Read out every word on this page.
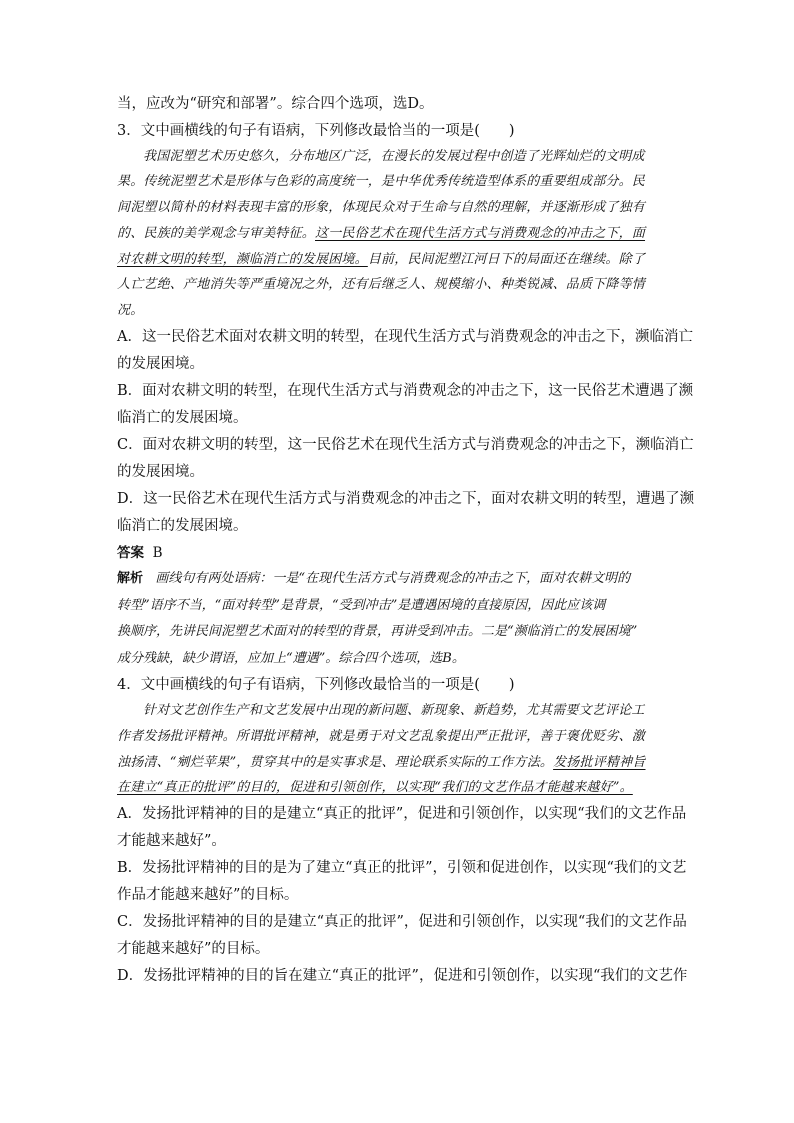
当，应改为“研究和部署”。综合四个选项，选D。
3．文中画横线的句子有语病，下列修改最恰当的一项是(　　)
我国泥塑艺术历史悠久，分布地区广泛，在漫长的发展过程中创造了光辉灿烂的文明成
果。传统泥塑艺术是形体与色彩的高度统一，是中华优秀传统造型体系的重要组成部分。民
间泥塑以简朴的材料表现丰富的形象，体现民众对于生命与自然的理解，并逐渐形成了独有
的、民族的美学观念与审美特征。这一民俗艺术在现代生活方式与消费观念的冲击之下，面
对农耕文明的转型，濒临消亡的发展困境。目前，民间泥塑江河日下的局面还在继续。除了
人亡艺绝、产地消失等严重境况之外，还有后继乏人、规模缩小、种类锐减、品质下降等情
况。
A．这一民俗艺术面对农耕文明的转型，在现代生活方式与消费观念的冲击之下，濒临消亡
的发展困境。
B．面对农耕文明的转型，在现代生活方式与消费观念的冲击之下，这一民俗艺术遭遇了濒
临消亡的发展困境。
C．面对农耕文明的转型，这一民俗艺术在现代生活方式与消费观念的冲击之下，濒临消亡
的发展困境。
D．这一民俗艺术在现代生活方式与消费观念的冲击之下，面对农耕文明的转型，遭遇了濒
临消亡的发展困境。
答案 B
解析 画线句有两处语病：一是“在现代生活方式与消费观念的冲击之下，面对农耕文明的
转型”语序不当，“面对转型”是背景，“受到冲击”是遭遇困境的直接原因，因此应该调
换顺序，先讲民间泥塑艺术面对的转型的背景，再讲受到冲击。二是“濒临消亡的发展困境”
成分残缺，缺少谓语，应加上“遭遇”。综合四个选项，选B。
4．文中画横线的句子有语病，下列修改最恰当的一项是(　　)
针对文艺创作生产和文艺发展中出现的新问题、新现象、新趋势，尤其需要文艺评论工
作者发扬批评精神。所谓批评精神，就是勇于对文艺乱象提出严正批评，善于褒优贬劣、激
浊扬清、“剜烂苹果”，贯穿其中的是实事求是、理论联系实际的工作方法。发扬批评精神旨
在建立“真正的批评”的目的，促进和引领创作，以实现“我们的文艺作品才能越来越好”。
A．发扬批评精神的目的是建立“真正的批评”，促进和引领创作，以实现“我们的文艺作品
才能越来越好”。
B．发扬批评精神的目的是为了建立“真正的批评”，引领和促进创作，以实现“我们的文艺
作品才能越来越好”的目标。
C．发扬批评精神的目的是建立“真正的批评”，促进和引领创作，以实现“我们的文艺作品
才能越来越好”的目标。
D．发扬批评精神的目的旨在建立“真正的批评”，促进和引领创作，以实现“我们的文艺作
